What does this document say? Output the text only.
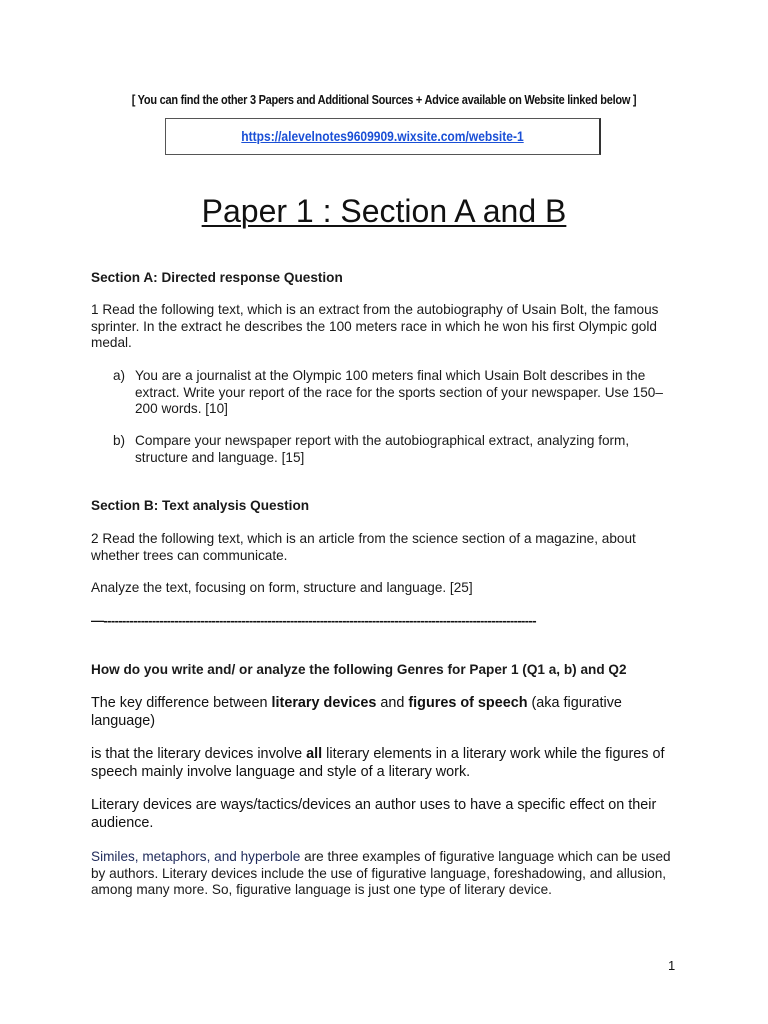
[ You can find the other 3 Papers and Additional Sources + Advice available on Website linked below ]
https://alevelnotes9609909.wixsite.com/website-1
Paper 1 : Section A and B
Section A: Directed response Question
1 Read the following text, which is an extract from the autobiography of Usain Bolt, the famous sprinter. In the extract he describes the 100 meters race in which he won his first Olympic gold medal.
a) You are a journalist at the Olympic 100 meters final which Usain Bolt describes in the extract. Write your report of the race for the sports section of your newspaper. Use 150–200 words. [10]
b) Compare your newspaper report with the autobiographical extract, analyzing form, structure and language. [15]
Section B: Text analysis Question
2 Read the following text, which is an article from the science section of a magazine, about whether trees can communicate.
Analyze the text, focusing on form, structure and language. [25]
—--------------------------------------------------------------------------------------------------------------------
How do you write and/ or analyze the following Genres for Paper 1 (Q1 a, b) and Q2
The key difference between literary devices and figures of speech (aka figurative language)
is that the literary devices involve all literary elements in a literary work while the figures of speech mainly involve language and style of a literary work.
Literary devices are ways/tactics/devices an author uses to have a specific effect on their audience.
Similes, metaphors, and hyperbole are three examples of figurative language which can be used by authors. Literary devices include the use of figurative language, foreshadowing, and allusion, among many more. So, figurative language is just one type of literary device.
1
